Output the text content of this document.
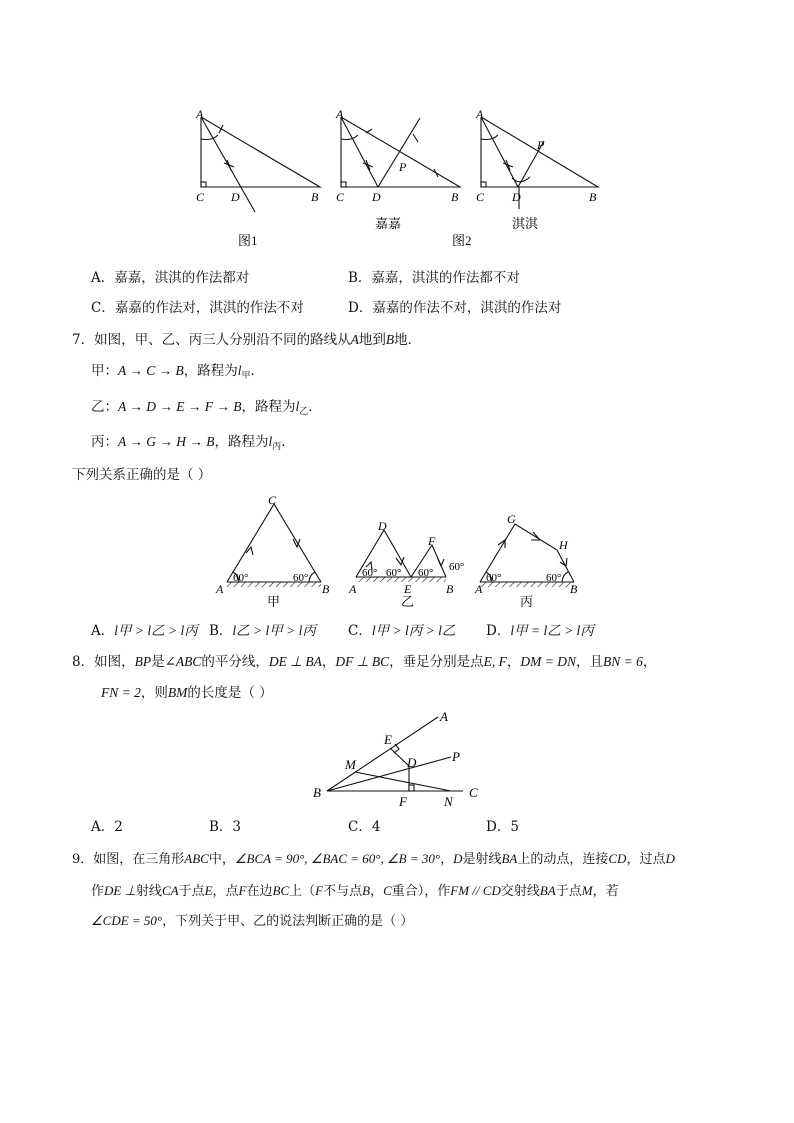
A
C D	B
图1
A
C D	B
P
嘉嘉
A
C D	B
P
淇淇
图2
C
A	B
60°	60°
甲
D
F
A	E	B
60° 60° 60° 60°
乙
G
H
A	B
60°	60°
丙
A
E
D	P
M
B
F	N
C
A．嘉嘉，淇淇的作法都对	B．嘉嘉，淇淇的作法都不对
C．嘉嘉的作法对，淇淇的作法不对	D．嘉嘉的作法不对，淇淇的作法对
7．如图，甲、乙、丙三人分别沿不同的路线从A地到B地．
甲：A → C → B，路程为$l_甲$．
乙：A → D → E → F → B，路程为$l_乙$．
丙：A → G → H → B，路程为$l_丙$．
下列关系正确的是（ ）
A．l甲 > l乙 > l丙 B．l乙 > l甲 > l丙 C．l甲 > l丙 > l乙 D．l甲 = l乙 > l丙
8．如图，BP是∠ABC的平分线，DE ⊥ BA，DF ⊥ BC，垂足分别是点E, F，DM = DN，且BN = 6，
FN = 2，则BM的长度是（ ）
A．2	B．3	C．4	D．5
9．如图，在三角形ABC中，∠BCA = 90°, ∠BAC = 60°, ∠B = 30°，D是射线BA上的动点，连接CD，过点D
作DE ⊥射线CA于点E，点F在边BC上（F不与点B，C重合），作FM // CD交射线BA于点M，若
∠CDE = 50°，下列关于甲、乙的说法判断正确的是（ ）
